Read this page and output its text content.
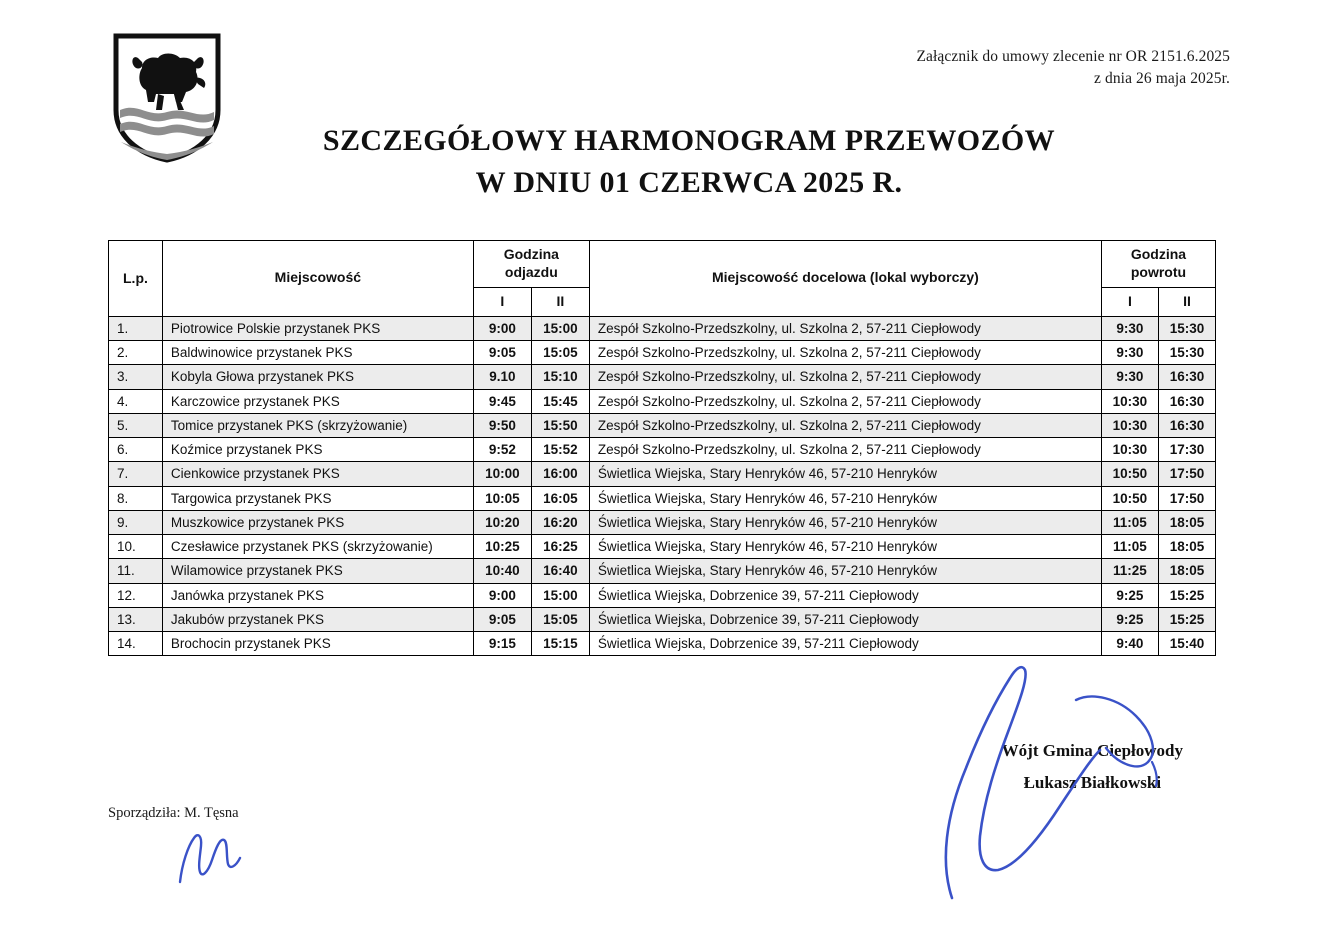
Załącznik do umowy zlecenie nr OR 2151.6.2025
z dnia 26 maja 2025r.
SZCZEGÓŁOWY HARMONOGRAM PRZEWOZÓW
W DNIU 01 CZERWCA 2025 R.
L.p.	Miejscowość	Godzina odjazdu		Miejscowość docelowa (lokal wyborczy)	Godzina powrotu	
		I	II		I	II
1.	Piotrowice Polskie przystanek PKS	9:00	15:00	Zespół Szkolno-Przedszkolny, ul. Szkolna 2, 57-211 Ciepłowody	9:30	15:30
2.	Baldwinowice przystanek PKS	9:05	15:05	Zespół Szkolno-Przedszkolny, ul. Szkolna 2, 57-211 Ciepłowody	9:30	15:30
3.	Kobyla Głowa przystanek PKS	9.10	15:10	Zespół Szkolno-Przedszkolny, ul. Szkolna 2, 57-211 Ciepłowody	9:30	16:30
4.	Karczowice przystanek PKS	9:45	15:45	Zespół Szkolno-Przedszkolny, ul. Szkolna 2, 57-211 Ciepłowody	10:30	16:30
5.	Tomice przystanek PKS (skrzyżowanie)	9:50	15:50	Zespół Szkolno-Przedszkolny, ul. Szkolna 2, 57-211 Ciepłowody	10:30	16:30
6.	Koźmice przystanek PKS	9:52	15:52	Zespół Szkolno-Przedszkolny, ul. Szkolna 2, 57-211 Ciepłowody	10:30	17:30
7.	Cienkowice przystanek PKS	10:00	16:00	Świetlica Wiejska, Stary Henryków 46, 57-210 Henryków	10:50	17:50
8.	Targowica przystanek PKS	10:05	16:05	Świetlica Wiejska, Stary Henryków 46, 57-210 Henryków	10:50	17:50
9.	Muszkowice przystanek PKS	10:20	16:20	Świetlica Wiejska, Stary Henryków 46, 57-210 Henryków	11:05	18:05
10.	Czesławice przystanek PKS (skrzyżowanie)	10:25	16:25	Świetlica Wiejska, Stary Henryków 46, 57-210 Henryków	11:05	18:05
11.	Wilamowice przystanek PKS	10:40	16:40	Świetlica Wiejska, Stary Henryków 46, 57-210 Henryków	11:25	18:05
12.	Janówka przystanek PKS	9:00	15:00	Świetlica Wiejska, Dobrzenice 39, 57-211 Ciepłowody	9:25	15:25
13.	Jakubów przystanek PKS	9:05	15:05	Świetlica Wiejska, Dobrzenice 39, 57-211 Ciepłowody	9:25	15:25
14.	Brochocin przystanek PKS	9:15	15:15	Świetlica Wiejska, Dobrzenice 39, 57-211 Ciepłowody	9:40	15:40
Wójt Gmina Ciepłowody
Łukasz Białkowski
Sporządziła: M. Tęsna
